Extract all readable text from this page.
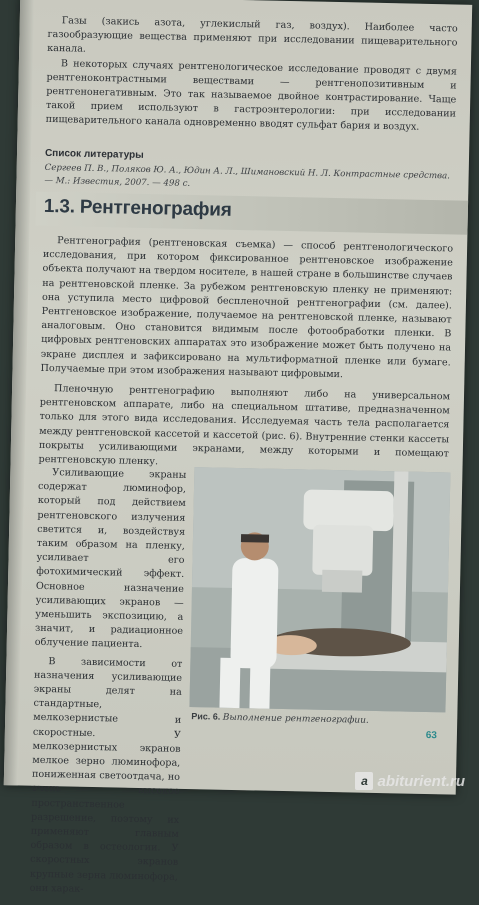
Газы (закись азота, углекислый газ, воздух). Наиболее часто газообразующие вещества применяют при исследовании пищеварительного канала.

В некоторых случаях рентгенологическое исследование проводят с двумя рентгеноконтрастными веществами — рентгенопозитивным и рентгенонегативным. Это так называемое двойное контрастирование. Чаще такой прием используют в гастроэнтерологии: при исследовании пищеварительного канала одновременно вводят сульфат бария и воздух.

Список литературы
Сергеев П. В., Поляков Ю. А., Юдин А. Л., Шимановский Н. Л. Контрастные средства. — М.: Известия, 2007. — 498 с.
1.3. Рентгенография

Рентгенография (рентгеновская съемка) — способ рентгенологического исследования, при котором фиксированное рентгеновское изображение объекта получают на твердом носителе, в нашей стране в большинстве случаев на рентгеновской пленке. За рубежом рентгеновскую пленку не применяют: она уступила место цифровой беспленочной рентгенографии (см. далее). Рентгеновское изображение, получаемое на рентгеновской пленке, называют аналоговым. Оно становится видимым после фотообработки пленки. В цифровых рентгеновских аппаратах это изображение может быть получено на экране дисплея и зафиксировано на мультиформатной пленке или бумаге. Получаемые при этом изображения называют цифровыми.

Пленочную рентгенографию выполняют либо на универсальном рентгеновском аппарате, либо на специальном штативе, предназначенном только для этого вида исследования. Исследуемая часть тела располагается между рентгеновской кассетой и кассетой (рис. 6). Внутренние стенки кассеты покрыты усиливающими экранами, между которыми и помещают рентгеновскую пленку.

Усиливающие экраны содержат люминофор, который под действием рентгеновского излучения светится и, воздействуя таким образом на пленку, усиливает его фотохимический эффект. Основное назначение усиливающих экранов — уменьшить экспозицию, а значит, и радиационное облучение пациента.

В зависимости от назначения усиливающие экраны делят на стандартные, мелкозернистые и скоростные. У мелкозернистых экранов мелкое зерно люминофора, пониженная светоотдача, но очень высокое пространственное разрешение, поэтому их применяют главным образом в остеологии. У скоростных экранов крупные зерна люминофора, они харак-

Рис. 6. Выполнение рентгенографии.
63
a abiturient.ru
